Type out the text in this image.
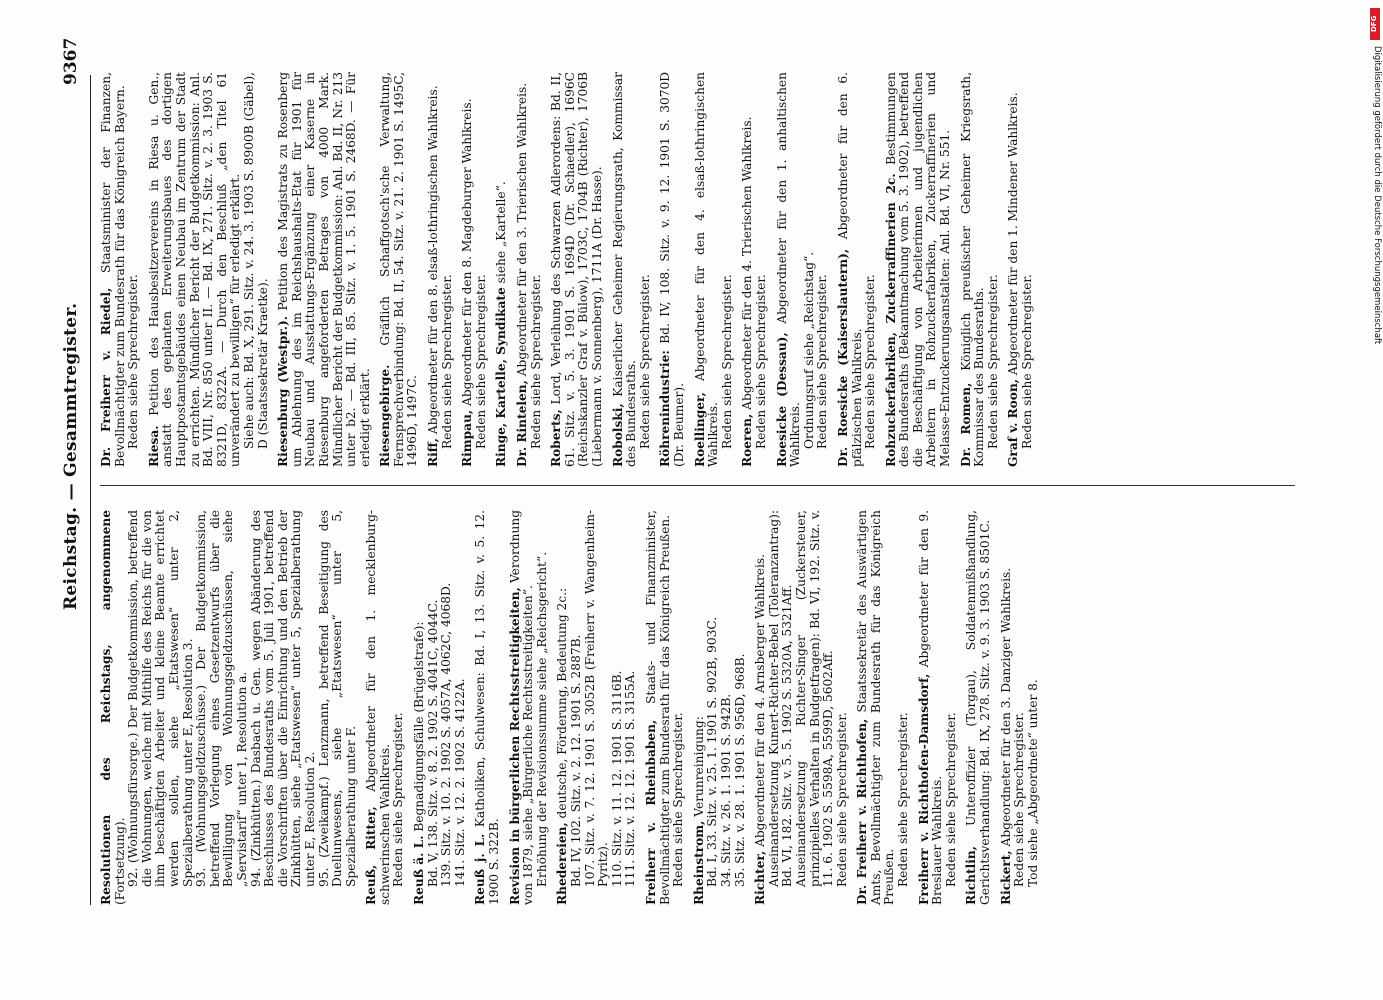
Reichstag. — Gesammtregister.
9367

Resolutionen des Reichstags, angenommene (Fortsetzung). 92. (Wohnungsfürsorge.) Der Budgetkommission, betreffend die Wohnungen, welche mit Mithilfe des Reichs für die von ihm beschäftigten Arbeiter und kleine Beamte errichtet werden sollen, siehe „Etatswesen“ unter 2, Spezialberathung unter E, Resolution 3. 93. (Wohnungsgeldzuschüsse.) Der Budgetkommission, betreffend Vorlegung eines Gesetzentwurfs über die Bewilligung von Wohnungsgeldzuschüssen, siehe „Servistarif“ unter 1, Resolution a. 94. (Zinkhütten.) Dasbach u. Gen. wegen Abänderung des Beschlusses des Bundesraths vom 5. Juli 1901, betreffend die Vorschriften über die Einrichtung und den Betrieb der Zinkhütten, siehe „Etatswesen“ unter 5, Spezialberathung unter E, Resolution 2. 95. (Zweikampf.) Lenzmann, betreffend Beseitigung des Duellunwesens, siehe „Etatswesen“ unter 5, Spezialberathung unter F. Reuß, Ritter, Abgeordneter für den 1. mecklenburg-schwerinschen Wahlkreis. Reden siehe Sprechregister. Reuß ä. L. Begnadigungsfälle (Brügelstrafe): Bd. V, 138. Sitz. v. 8. 2. 1902 S. 4041C, 4044C. 139. Sitz. v. 10. 2. 1902 S. 4057A, 4062C, 4068D. 141. Sitz. v. 12. 2. 1902 S. 4122A. Reuß j. L. Katholiken, Schulwesen: Bd. I, 13. Sitz. v. 5. 12. 1900 S. 322B. Revision in bürgerlichen Rechtsstreitigkeiten, Verordnung von 1879, siehe „Bürgerliche Rechtsstreitigkeiten“. Erhöhung der Revisionssumme siehe „Reichsgericht“. Rhedereien, deutsche, Förderung, Bedeutung 2c.: Bd. IV, 102. Sitz. v. 2. 12. 1901 S. 2887B. 107. Sitz. v. 7. 12. 1901 S. 3052B (Freiherr v. Wangenheim-Pyritz). 110. Sitz. v. 11. 12. 1901 S. 3116B. 111. Sitz. v. 12. 12. 1901 S. 3155A. Freiherr v. Rheinbaben, Staats- und Finanzminister, Bevollmächtigter zum Bundesrath für das Königreich Preußen. Reden siehe Sprechregister. Rheinstrom, Verunreinigung: Bd. I, 33. Sitz. v. 25. 1. 1901 S. 902B, 903C. 34. Sitz. v. 26. 1. 1901 S. 942B. 35. Sitz. v. 28. 1. 1901 S. 956D, 968B. Richter, Abgeordneter für den 4. Arnsberger Wahlkreis. Auseinandersetzung Kunert-Richter-Bebel (Toleranzantrag): Bd. VI, 182. Sitz. v. 5. 5. 1902 S. 5320A, 5321Aff. Auseinandersetzung Richter-Singer (Zuckersteuer, prinzipielles Verhalten in Budgetfragen): Bd. VI, 192. Sitz. v. 11. 6. 1902 S. 5598A, 5599D, 5602Aff. Reden siehe Sprechregister. Dr. Freiherr v. Richthofen, Staatssekretär des Auswärtigen Amts, Bevollmächtigter zum Bundesrath für das Königreich Preußen. Reden siehe Sprechregister. Freiherr v. Richthofen-Damsdorf, Abgeordneter für den 9. Breslauer Wahlkreis. Reden siehe Sprechregister. Richtlin, Unteroffizier (Torgau), Soldatenmißhandlung, Gerichtsverhandlung: Bd. IX, 278. Sitz. v. 9. 3. 1903 S. 8501C. Rickert, Abgeordneter für den 3. Danziger Wahlkreis. Reden siehe Sprechregister. Tod siehe „Abgeordnete“ unter 8.

Dr. Freiherr v. Riedel, Staatsminister der Finanzen, Bevollmächtigter zum Bundesrath für das Königreich Bayern. Reden siehe Sprechregister. Riesa. Petition des Hausbesitzervereins in Riesa u. Gen., anstatt des geplanten Erweiterungsbaues des dortigen Hauptpostamtsgebäudes einen Neubau im Zentrum der Stadt zu errichten. Mündlicher Bericht der Budgetkommission: Anl. Bd. VIII, Nr. 850 unter II. — Bd. IX, 271. Sitz. v. 2. 3. 1903 S. 8321D, 8322A. — Durch den Beschluß „den Titel 61 unverändert zu bewilligen“ für erledigt erklärt. Siehe auch: Bd. X, 291. Sitz. v. 24. 3. 1903 S. 8900B (Gäbel), D (Staatssekretär Kraetke). Riesenburg (Westpr.). Petition des Magistrats zu Rosenberg um Ablehnung des im Reichshaushalts-Etat für 1901 für Neubau und Ausstattungs-Ergänzung einer Kaserne in Riesenburg angeforderten Betrages von 4000 Mark. Mündlicher Bericht der Budgetkommission: Anl. Bd. II, Nr. 213 unter b2. — Bd. III, 85. Sitz. v. 1. 5. 1901 S. 2468D. — Für erledigt erklärt. Riesengebirge. Gräflich Schaffgotsch'sche Verwaltung, Fernsprechverbindung: Bd. II, 54. Sitz. v. 21. 2. 1901 S. 1495C, 1496D, 1497C. Riff, Abgeordneter für den 8. elsaß-lothringischen Wahlkreis. Reden siehe Sprechregister. Rimpau, Abgeordneter für den 8. Magdeburger Wahlkreis. Reden siehe Sprechregister. Ringe, Kartelle, Syndikate siehe „Kartelle“.

Dr. Rintelen, Abgeordneter für den 3. Trierischen Wahlkreis. Reden siehe Sprechregister. Roberts, Lord, Verleihung des Schwarzen Adlerordens: Bd. II, 61. Sitz. v. 5. 3. 1901 S. 1694D (Dr. Schaedler), 1696C (Reichskanzler Graf v. Bülow), 1703C, 1704B (Richter), 1706B (Liebermann v. Sonnenberg), 1711A (Dr. Hasse). Robolski, Kaiserlicher Geheimer Regierungsrath, Kommissar des Bundesraths. Reden siehe Sprechregister. Röhrenindustrie: Bd. IV, 108. Sitz. v. 9. 12. 1901 S. 3070D (Dr. Beumer). Roellinger, Abgeordneter für den 4. elsaß-lothringischen Wahlkreis. Reden siehe Sprechregister. Roeren, Abgeordneter für den 4. Trierischen Wahlkreis. Reden siehe Sprechregister. Roesicke (Dessau), Abgeordneter für den 1. anhaltischen Wahlkreis. Ordnungsruf siehe „Reichstag“. Reden siehe Sprechregister. Dr. Roesicke (Kaiserslautern), Abgeordneter für den 6. pfälzischen Wahlkreis. Reden siehe Sprechregister. Rohzuckerfabriken, Zuckerraffinerien 2c. Bestimmungen des Bundesraths (Bekanntmachung vom 5. 3. 1902), betreffend die Beschäftigung von Arbeiterinnen und jugendlichen Arbeitern in Rohzuckerfabriken, Zuckerraffinerien und Melasse-Entzuckerungsanstalten: Anl. Bd. VI, Nr. 551. Dr. Romen, Königlich preußischer Geheimer Kriegsrath, Kommissar des Bundesraths. Reden siehe Sprechregister. Graf v. Roon, Abgeordneter für den 1. Mindener Wahlkreis. Reden siehe Sprechregister.

DFG
Digitalisierung gefördert durch die Deutsche Forschungsgemeinschaft
